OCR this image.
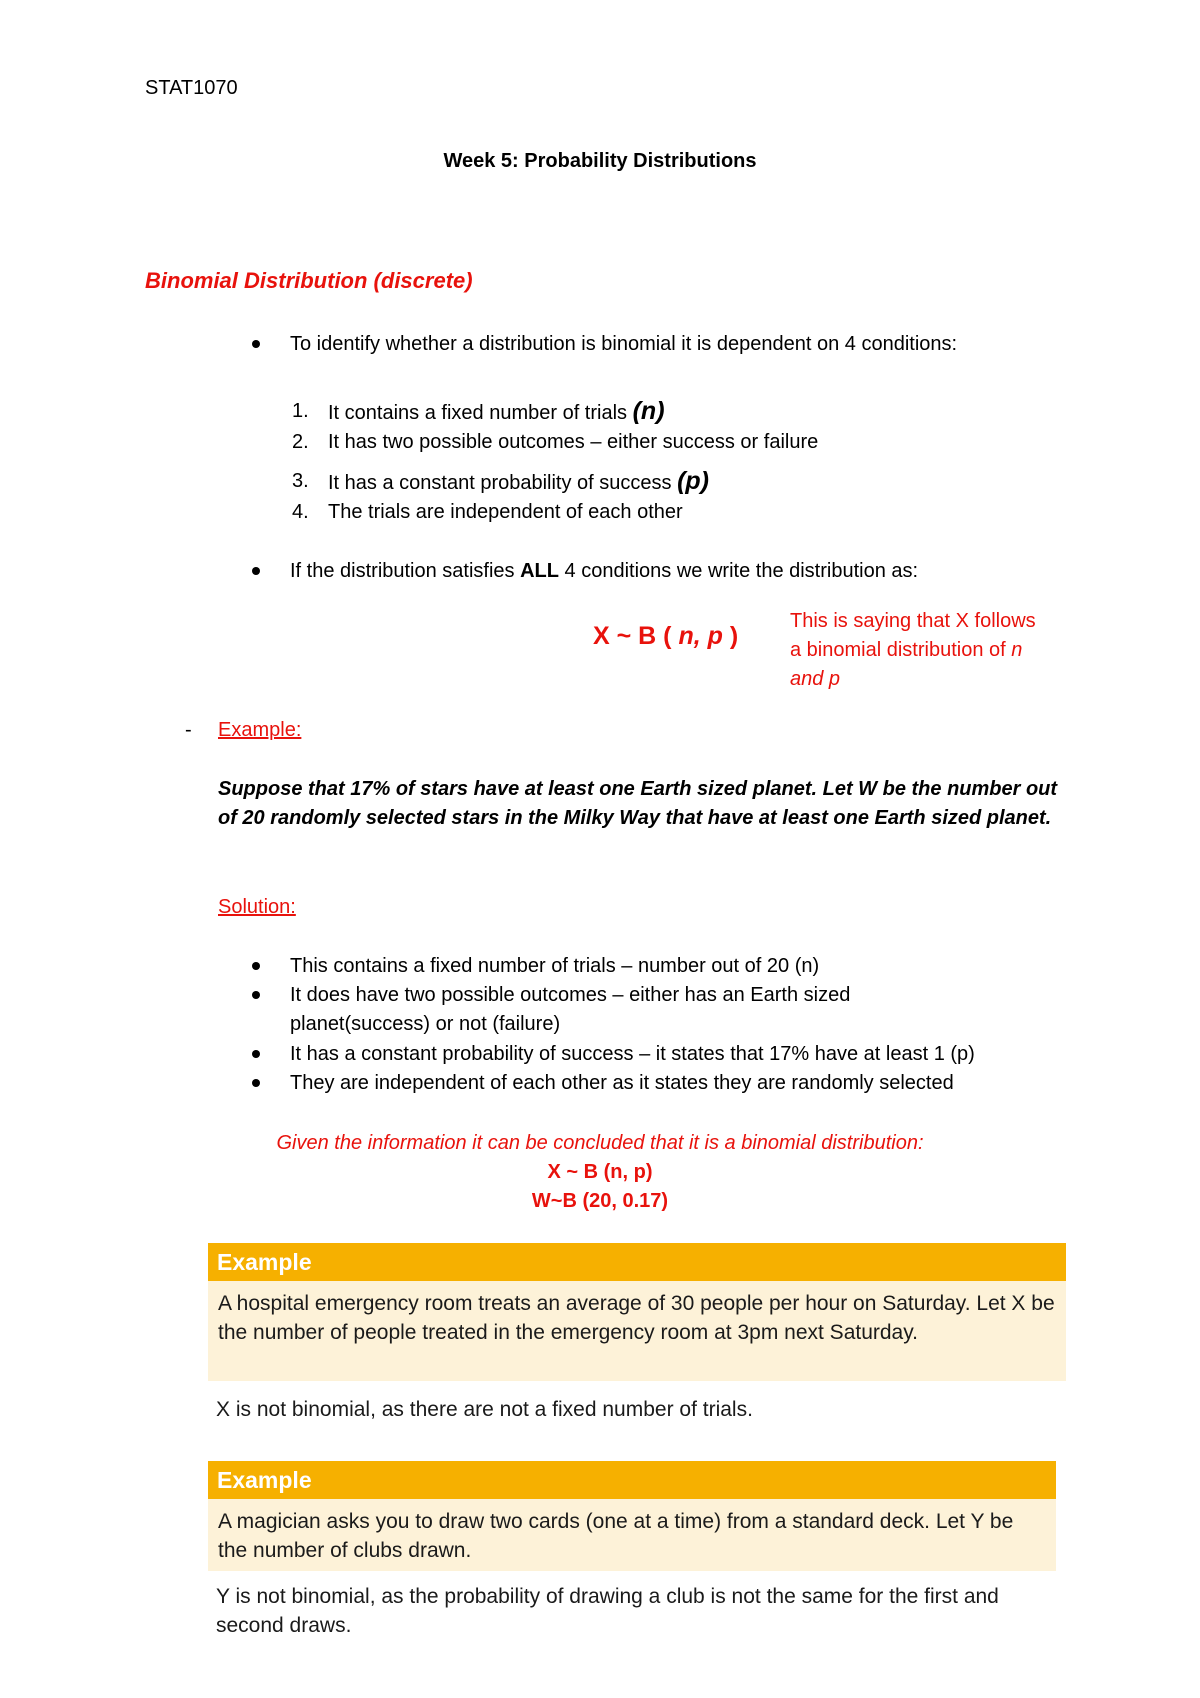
STAT1070
Week 5: Probability Distributions
Binomial Distribution (discrete)
To identify whether a distribution is binomial it is dependent on 4 conditions:
1. It contains a fixed number of trials (n)
2. It has two possible outcomes – either success or failure
3. It has a constant probability of success (p)
4. The trials are independent of each other
If the distribution satisfies ALL 4 conditions we write the distribution as:
X ~ B ( n, p )
This is saying that X follows
a binomial distribution of n
and p
- Example:
Suppose that 17% of stars have at least one Earth sized planet. Let W be the number out of 20 randomly selected stars in the Milky Way that have at least one Earth sized planet.
Solution:
This contains a fixed number of trials – number out of 20 (n)
It does have two possible outcomes – either has an Earth sized planet(success) or not (failure)
It has a constant probability of success – it states that 17% have at least 1 (p)
They are independent of each other as it states they are randomly selected
Given the information it can be concluded that it is a binomial distribution:
X ~ B (n, p)
W~B (20, 0.17)
Example
A hospital emergency room treats an average of 30 people per hour on Saturday. Let X be the number of people treated in the emergency room at 3pm next Saturday.
X is not binomial, as there are not a fixed number of trials.
Example
A magician asks you to draw two cards (one at a time) from a standard deck. Let Y be the number of clubs drawn.
Y is not binomial, as the probability of drawing a club is not the same for the first and second draws.
